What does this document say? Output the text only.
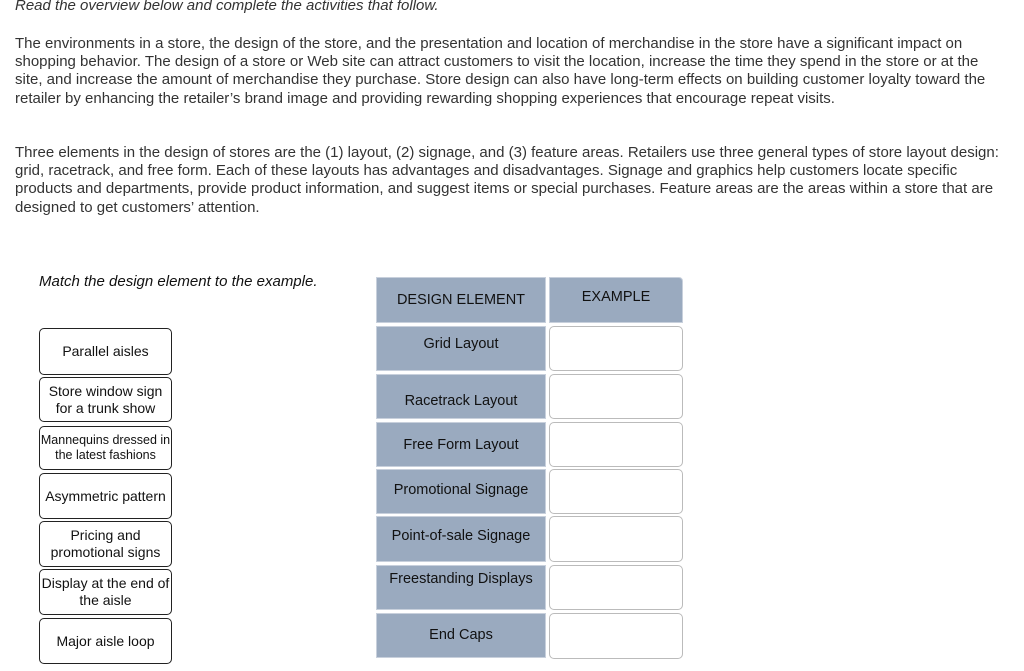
Read the overview below and complete the activities that follow.

The environments in a store, the design of the store, and the presentation and location of merchandise in the store have a significant impact on shopping behavior. The design of a store or Web site can attract customers to visit the location, increase the time they spend in the store or at the site, and increase the amount of merchandise they purchase. Store design can also have long-term effects on building customer loyalty toward the retailer by enhancing the retailer’s brand image and providing rewarding shopping experiences that encourage repeat visits.

Three elements in the design of stores are the (1) layout, (2) signage, and (3) feature areas. Retailers use three general types of store layout design: grid, racetrack, and free form. Each of these layouts has advantages and disadvantages. Signage and graphics help customers locate specific products and departments, provide product information, and suggest items or special purchases. Feature areas are the areas within a store that are designed to get customers’ attention.

Match the design element to the example.
Parallel aisles
Store window sign for a trunk show
Mannequins dressed in the latest fashions
Asymmetric pattern
Pricing and promotional signs
Display at the end of the aisle
Major aisle loop
DESIGN ELEMENT	EXAMPLE
Grid Layout
Racetrack Layout
Free Form Layout
Promotional Signage
Point-of-sale Signage
Freestanding Displays
End Caps
